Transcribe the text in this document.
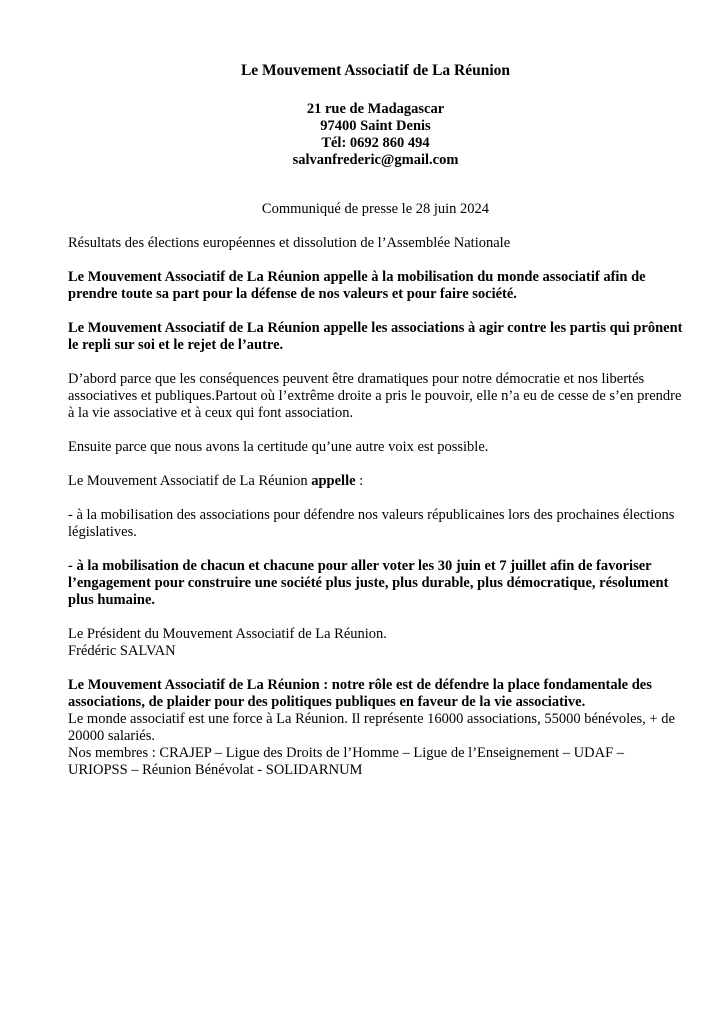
Le Mouvement Associatif de La Réunion
21 rue de Madagascar
97400 Saint Denis
Tél: 0692 860 494
salvanfrederic@gmail.com
Communiqué de presse le 28 juin 2024

Résultats des élections européennes et dissolution de l’Assemblée Nationale

Le Mouvement Associatif de La Réunion appelle à la mobilisation du monde associatif afin de prendre toute sa part pour la défense de nos valeurs et pour faire société.

Le Mouvement Associatif de La Réunion appelle les associations à agir contre les partis qui prônent le repli sur soi et le rejet de l’autre.

D’abord parce que les conséquences peuvent être dramatiques pour notre démocratie et nos libertés associatives et publiques.Partout où l’extrême droite a pris le pouvoir, elle n’a eu de cesse de s’en prendre à la vie associative et à ceux qui font association.

Ensuite parce que nous avons la certitude qu’une autre voix est possible.

Le Mouvement Associatif de La Réunion appelle :

- à la mobilisation des associations pour défendre nos valeurs républicaines lors des prochaines élections législatives.

- à la mobilisation de chacun et chacune pour aller voter les 30 juin et 7 juillet afin de favoriser l’engagement pour construire une société plus juste, plus durable, plus démocratique, résolument plus humaine.

Le Président du Mouvement Associatif de La Réunion.
Frédéric SALVAN

Le Mouvement Associatif de La Réunion : notre rôle est de défendre la place fondamentale des associations, de plaider pour des politiques publiques en faveur de la vie associative.
Le monde associatif est une force à La Réunion. Il représente 16000 associations, 55000 bénévoles, + de 20000 salariés.
Nos membres : CRAJEP – Ligue des Droits de l’Homme – Ligue de l’Enseignement – UDAF – URIOPSS – Réunion Bénévolat - SOLIDARNUM
